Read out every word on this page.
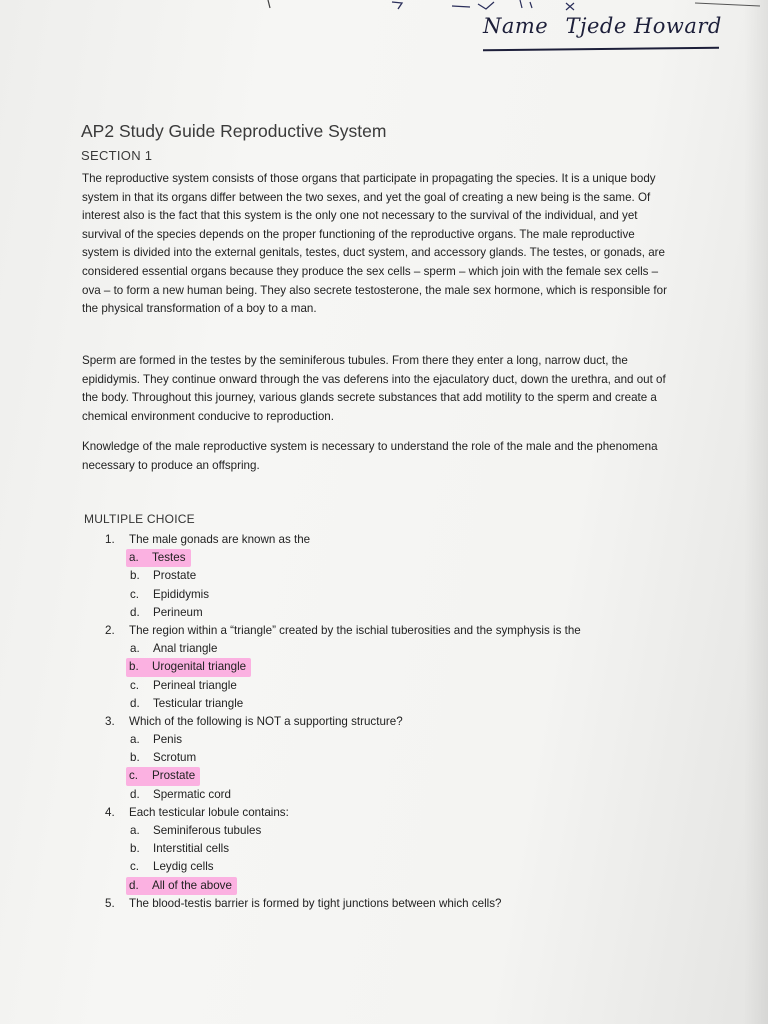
Name Tjede Howard
AP2 Study Guide Reproductive System
SECTION 1

The reproductive system consists of those organs that participate in propagating the species. It is a unique body system in that its organs differ between the two sexes, and yet the goal of creating a new being is the same. Of interest also is the fact that this system is the only one not necessary to the survival of the individual, and yet survival of the species depends on the proper functioning of the reproductive organs. The male reproductive system is divided into the external genitals, testes, duct system, and accessory glands. The testes, or gonads, are considered essential organs because they produce the sex cells – sperm – which join with the female sex cells – ova – to form a new human being. They also secrete testosterone, the male sex hormone, which is responsible for the physical transformation of a boy to a man.

Sperm are formed in the testes by the seminiferous tubules. From there they enter a long, narrow duct, the epididymis. They continue onward through the vas deferens into the ejaculatory duct, down the urethra, and out of the body. Throughout this journey, various glands secrete substances that add motility to the sperm and create a chemical environment conducive to reproduction.

Knowledge of the male reproductive system is necessary to understand the role of the male and the phenomena necessary to produce an offspring.

MULTIPLE CHOICE
1.	The male gonads are known as the
a.	Testes
b.	Prostate
c.	Epididymis
d.	Perineum
2.	The region within a “triangle” created by the ischial tuberosities and the symphysis is the
a.	Anal triangle
b.	Urogenital triangle
c.	Perineal triangle
d.	Testicular triangle
3.	Which of the following is NOT a supporting structure?
a.	Penis
b.	Scrotum
c.	Prostate
d.	Spermatic cord
4.	Each testicular lobule contains:
a.	Seminiferous tubules
b.	Interstitial cells
c.	Leydig cells
d.	All of the above
5.	The blood-testis barrier is formed by tight junctions between which cells?
